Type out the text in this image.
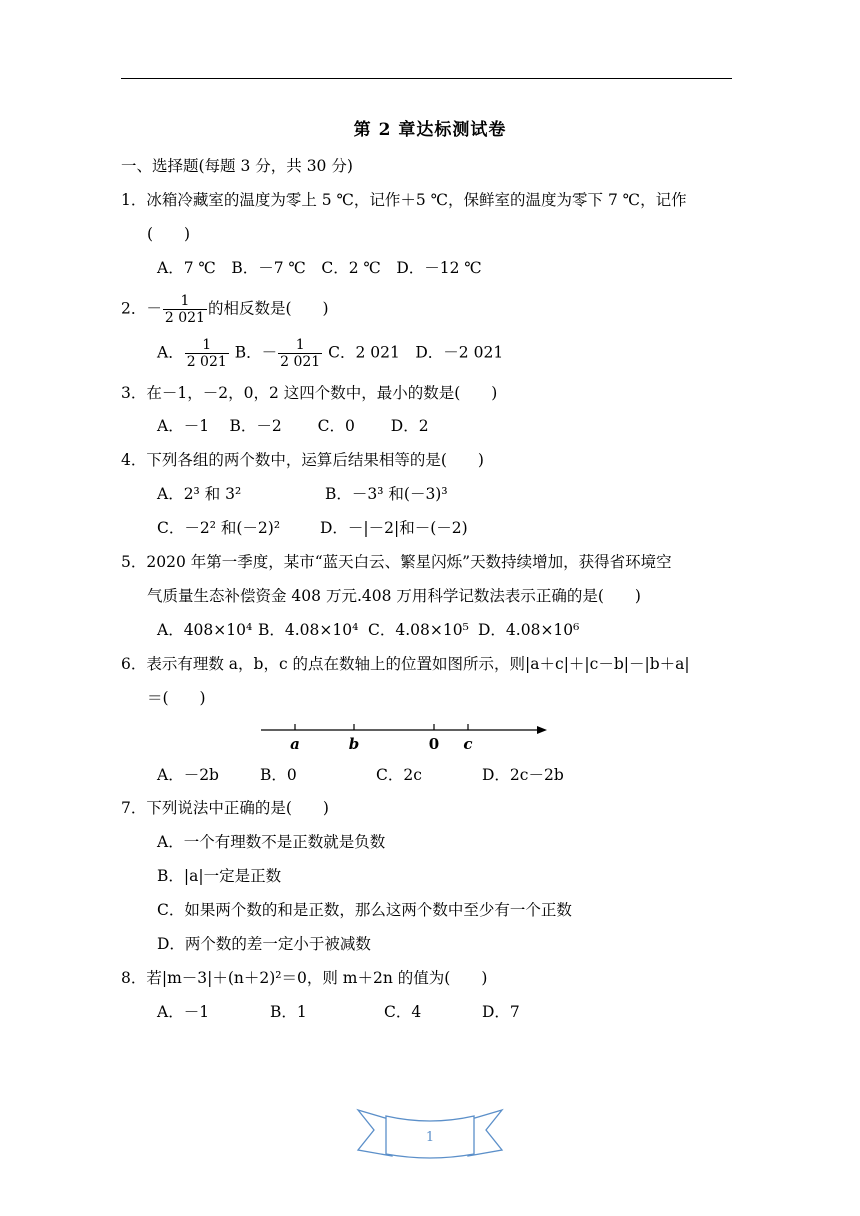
第 2 章达标测试卷
一、选择题(每题 3 分，共 30 分)
1．冰箱冷藏室的温度为零上 5 ℃，记作＋5 ℃，保鲜室的温度为零下 7 ℃，记作
(　　)
A．7 ℃　B．－7 ℃　C．2 ℃　D．－12 ℃
2．－ $\frac{1}{2 021}$ 的相反数是(　　)
A． $\frac{1}{2 021}$ B．－ $\frac{1}{2 021}$ C．2 021　D．－2 021
3．在－1，－2，0，2 这四个数中，最小的数是(　　)
A．－1　 B．－2　　 C．0　　 D．2
4．下列各组的两个数中，运算后结果相等的是(　　)
A．2³ 和 3²	B．－3³ 和(－3)³
C．－2² 和(－2)²	D．－|－2|和－(－2)
5．2020 年第一季度，某市“蓝天白云、繁星闪烁”天数持续增加，获得省环境空
气质量生态补偿资金 408 万元.408 万用科学记数法表示正确的是(　　)
A．408×10⁴ B．4.08×10⁴ C．4.08×10⁵ D．4.08×10⁶
6．表示有理数 a，b，c 的点在数轴上的位置如图所示，则|a＋c|＋|c－b|－|b＋a|
＝(　　)
a	b	0 c
A．－2b	B．0	C．2c	D．2c－2b
7．下列说法中正确的是(　　)
A．一个有理数不是正数就是负数
B．|a|一定是正数
C．如果两个数的和是正数，那么这两个数中至少有一个正数
D．两个数的差一定小于被减数
8．若|m－3|＋(n＋2)²＝0，则 m＋2n 的值为(　　)
A．－1	B．1	C．4	D．7
1
